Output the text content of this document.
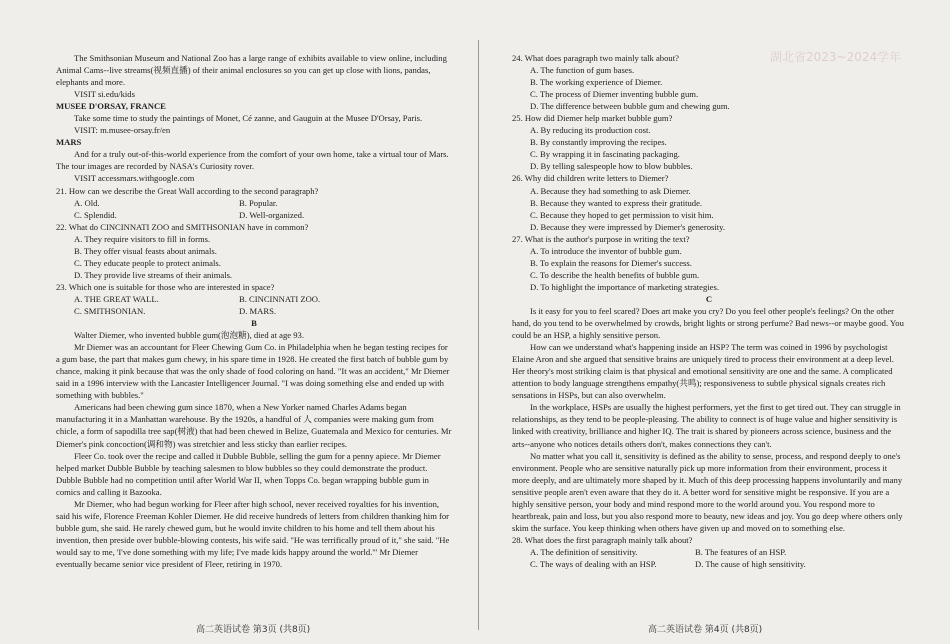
湖北省2023~2024学年

The Smithsonian Museum and National Zoo has a large range of exhibits available to view online, including Animal Cams--live streams(视频直播) of their animal enclosures so you can get up close with lions, pandas, elephants and more.

VISIT si.edu/kids

MUSEE D'ORSAY, FRANCE

Take some time to study the paintings of Monet, Cé zanne, and Gauguin at the Musee D'Orsay, Paris.

VISIT: m.musee-orsay.fr/en

MARS

And for a truly out-of-this-world experience from the comfort of your own home, take a virtual tour of Mars. The tour images are recorded by NASA's Curiosity rover.

VISIT accessmars.withgoogle.com

21. How can we describe the Great Wall according to the second paragraph?

A. Old.	B. Popular.
C. Splendid.	D. Well-organized.

22. What do CINCINNATI ZOO and SMITHSONIAN have in common?

A. They require visitors to fill in forms.

B. They offer visual feasts about animals.

C. They educate people to protect animals.

D. They provide live streams of their animals.

23. Which one is suitable for those who are interested in space?

A. THE GREAT WALL.	B. CINCINNATI ZOO.
C. SMITHSONIAN.	D. MARS.

B

Walter Diemer, who invented bubble gum(泡泡糖), died at age 93.

Mr Diemer was an accountant for Fleer Chewing Gum Co. in Philadelphia when he began testing recipes for a gum base, the part that makes gum chewy, in his spare time in 1928. He created the first batch of bubble gum by chance, making it pink because that was the only shade of food coloring on hand. "It was an accident," Mr Diemer said in a 1996 interview with the Lancaster Intelligencer Journal. "I was doing something else and ended up with something with bubbles."

Americans had been chewing gum since 1870, when a New Yorker named Charles Adams began manufacturing it in a Manhattan warehouse. By the 1920s, a handful of 人 companies were making gum from chicle, a form of sapodilla tree sap(树液) that had been chewed in Belize, Guatemala and Mexico for centuries. Mr Diemer's pink concoction(调和物) was stretchier and less sticky than earlier recipes.

Fleer Co. took over the recipe and called it Dubble Bubble, selling the gum for a penny apiece. Mr Diemer helped market Dubble Bubble by teaching salesmen to blow bubbles so they could demonstrate the product. Dubble Bubble had no competition until after World War II, when Topps Co. began wrapping bubble gum in comics and calling it Bazooka.

Mr Diemer, who had begun working for Fleer after high school, never received royalties for his invention, said his wife, Florence Freeman Kohler Diemer. He did receive hundreds of letters from children thanking him for bubble gum, she said. He rarely chewed gum, but he would invite children to his home and tell them about his invention, then preside over bubble-blowing contests, his wife said. "He was terrifically proud of it," she said. "He would say to me, 'I've done something with my life; I've made kids happy around the world.'" Mr Diemer eventually became senior vice president of Fleer, retiring in 1970.

24. What does paragraph two mainly talk about?

A. The function of gum bases.

B. The working experience of Diemer.

C. The process of Diemer inventing bubble gum.

D. The difference between bubble gum and chewing gum.

25. How did Diemer help market bubble gum?

A. By reducing its production cost.

B. By constantly improving the recipes.

C. By wrapping it in fascinating packaging.

D. By telling salespeople how to blow bubbles.

26. Why did children write letters to Diemer?

A. Because they had something to ask Diemer.

B. Because they wanted to express their gratitude.

C. Because they hoped to get permission to visit him.

D. Because they were impressed by Diemer's generosity.

27. What is the author's purpose in writing the text?

A. To introduce the inventor of bubble gum.

B. To explain the reasons for Diemer's success.

C. To describe the health benefits of bubble gum.

D. To highlight the importance of marketing strategies.

C

Is it easy for you to feel scared? Does art make you cry? Do you feel other people's feelings? On the other hand, do you tend to be overwhelmed by crowds, bright lights or strong perfume? Bad news--or maybe good. You could be an HSP, a highly sensitive person.

How can we understand what's happening inside an HSP? The term was coined in 1996 by psychologist Elaine Aron and she argued that sensitive brains are uniquely tired to process their environment at a deep level. Her theory's most striking claim is that physical and emotional sensitivity are one and the same. A complicated attention to body language strengthens empathy(共鸣); responsiveness to subtle physical signals creates rich sensations in HSPs, but can also overwhelm.

In the workplace, HSPs are usually the highest performers, yet the first to get tired out. They can struggle in relationships, as they tend to be people-pleasing. The ability to connect is of huge value and higher sensitivity is linked with creativity, brilliance and higher IQ. The trait is shared by pioneers across science, business and the arts--anyone who notices details others don't, makes connections they can't.

No matter what you call it, sensitivity is defined as the ability to sense, process, and respond deeply to one's environment. People who are sensitive naturally pick up more information from their environment, process it more deeply, and are ultimately more shaped by it. Much of this deep processing happens involuntarily and many sensitive people aren't even aware that they do it. A better word for sensitive might be responsive. If you are a highly sensitive person, your body and mind respond more to the world around you. You respond more to heartbreak, pain and loss, but you also respond more to beauty, new ideas and joy. You go deep where others only skim the surface. You keep thinking when others have given up and moved on to something else.

28. What does the first paragraph mainly talk about?

A. The definition of sensitivity.	B. The features of an HSP.
C. The ways of dealing with an HSP.	D. The cause of high sensitivity.
高二英语试卷 第3页 (共8页)	高二英语试卷 第4页 (共8页)
